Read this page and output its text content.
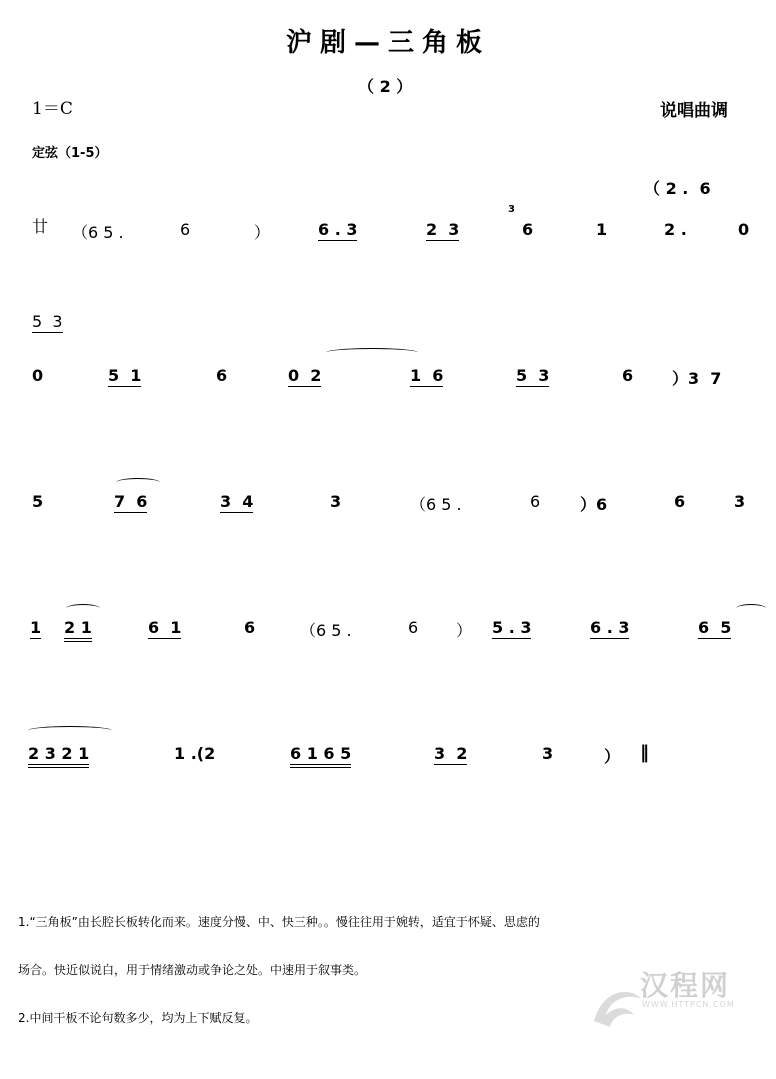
沪剧—三角板
（ 2 ）
1＝C	说唱曲调
定弦（1-5）
（ 2 .  6
廿 （6 5 .	6	）	6 . 3	2  3
3
6	1	2 .	0
5  3
0	5  1	6	0  2	1  6	5  3	6 ）3  7
5	7  6	3  4	3	（6 5 .	6 ）6	6	3
1 2 1	6  1	6	（6 5 .	6 ） 5 . 3	6 . 3	6  5
2 3 2 1	1 .(2	6 1 6 5	3  2	3	） ‖

1.“三角板”由长腔长板转化而来。速度分慢、中、快三种。。慢往往用于婉转，适宜于怀疑、思虑的

场合。快近似说白，用于情绪激动或争论之处。中速用于叙事类。

2.中间干板不论句数多少，均为上下赋反复。

汉程网

WWW.HTTPCN.COM
